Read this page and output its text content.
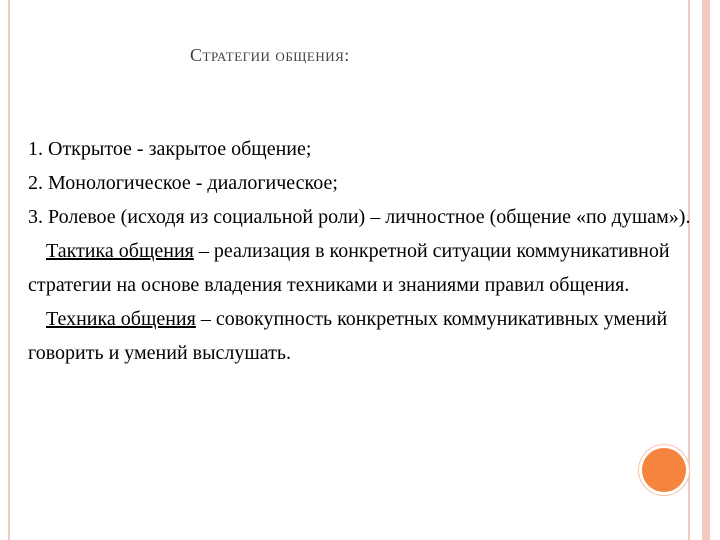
Стратегии общения:

1. Открытое - закрытое общение;

2. Монологическое - диалогическое;

3. Ролевое (исходя из социальной роли) – личностное (общение «по душам»).

Тактика общения – реализация в конкретной ситуации коммуникативной стратегии на основе владения техниками и знаниями правил общения.

Техника общения – совокупность конкретных коммуникативных умений говорить и умений выслушать.
